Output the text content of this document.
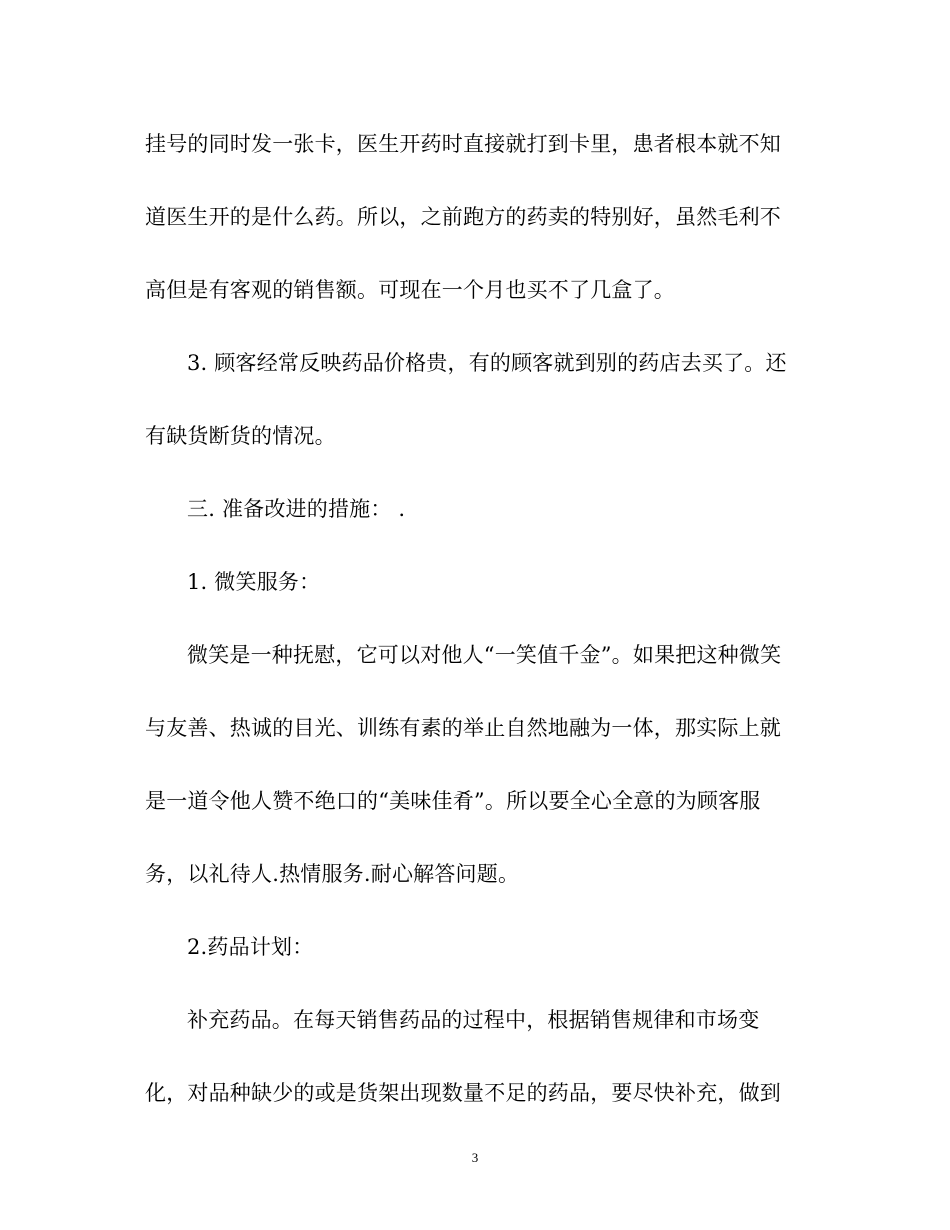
挂号的同时发一张卡，医生开药时直接就打到卡里，患者根本就不知
道医生开的是什么药。所以，之前跑方的药卖的特别好，虽然毛利不
高但是有客观的销售额。可现在一个月也买不了几盒了。
3. 顾客经常反映药品价格贵，有的顾客就到别的药店去买了。还
有缺货断货的情况。
三. 准备改进的措施： .
1. 微笑服务：
微笑是一种抚慰，它可以对他人“一笑值千金”。如果把这种微笑
与友善、热诚的目光、训练有素的举止自然地融为一体，那实际上就
是一道令他人赞不绝口的“美味佳肴”。所以要全心全意的为顾客服
务，以礼待人.热情服务.耐心解答问题。
2.药品计划：
补充药品。在每天销售药品的过程中，根据销售规律和市场变
化，对品种缺少的或是货架出现数量不足的药品，要尽快补充，做到
3
